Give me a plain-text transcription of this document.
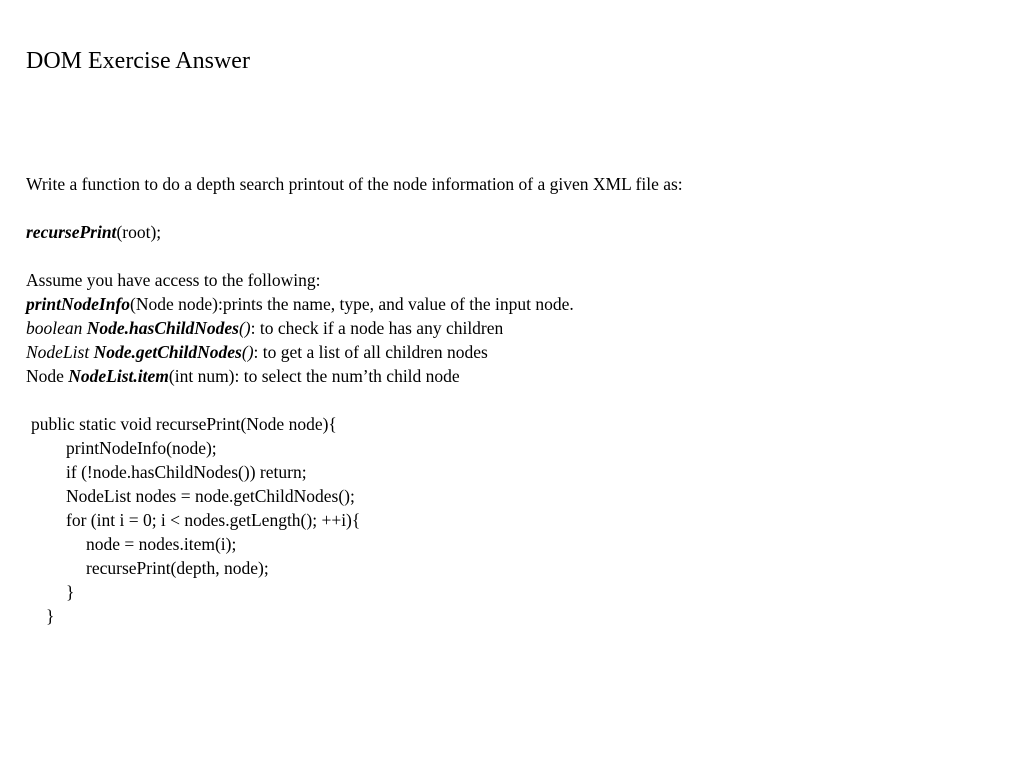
DOM Exercise Answer
Write a function to do a depth search printout of the node information of a given XML file as:
recursePrint(root);
Assume you have access to the following:
printNodeInfo(Node node):prints the name, type, and value of the input node.
boolean Node.hasChildNodes(): to check if a node has any children
NodeList Node.getChildNodes(): to get a list of all children nodes
Node NodeList.item(int num): to select the num’th child node
public static void recursePrint(Node node){
printNodeInfo(node);
if (!node.hasChildNodes()) return;
NodeList nodes = node.getChildNodes();
for (int i = 0; i < nodes.getLength(); ++i){
node = nodes.item(i);
recursePrint(depth, node);
}
}
